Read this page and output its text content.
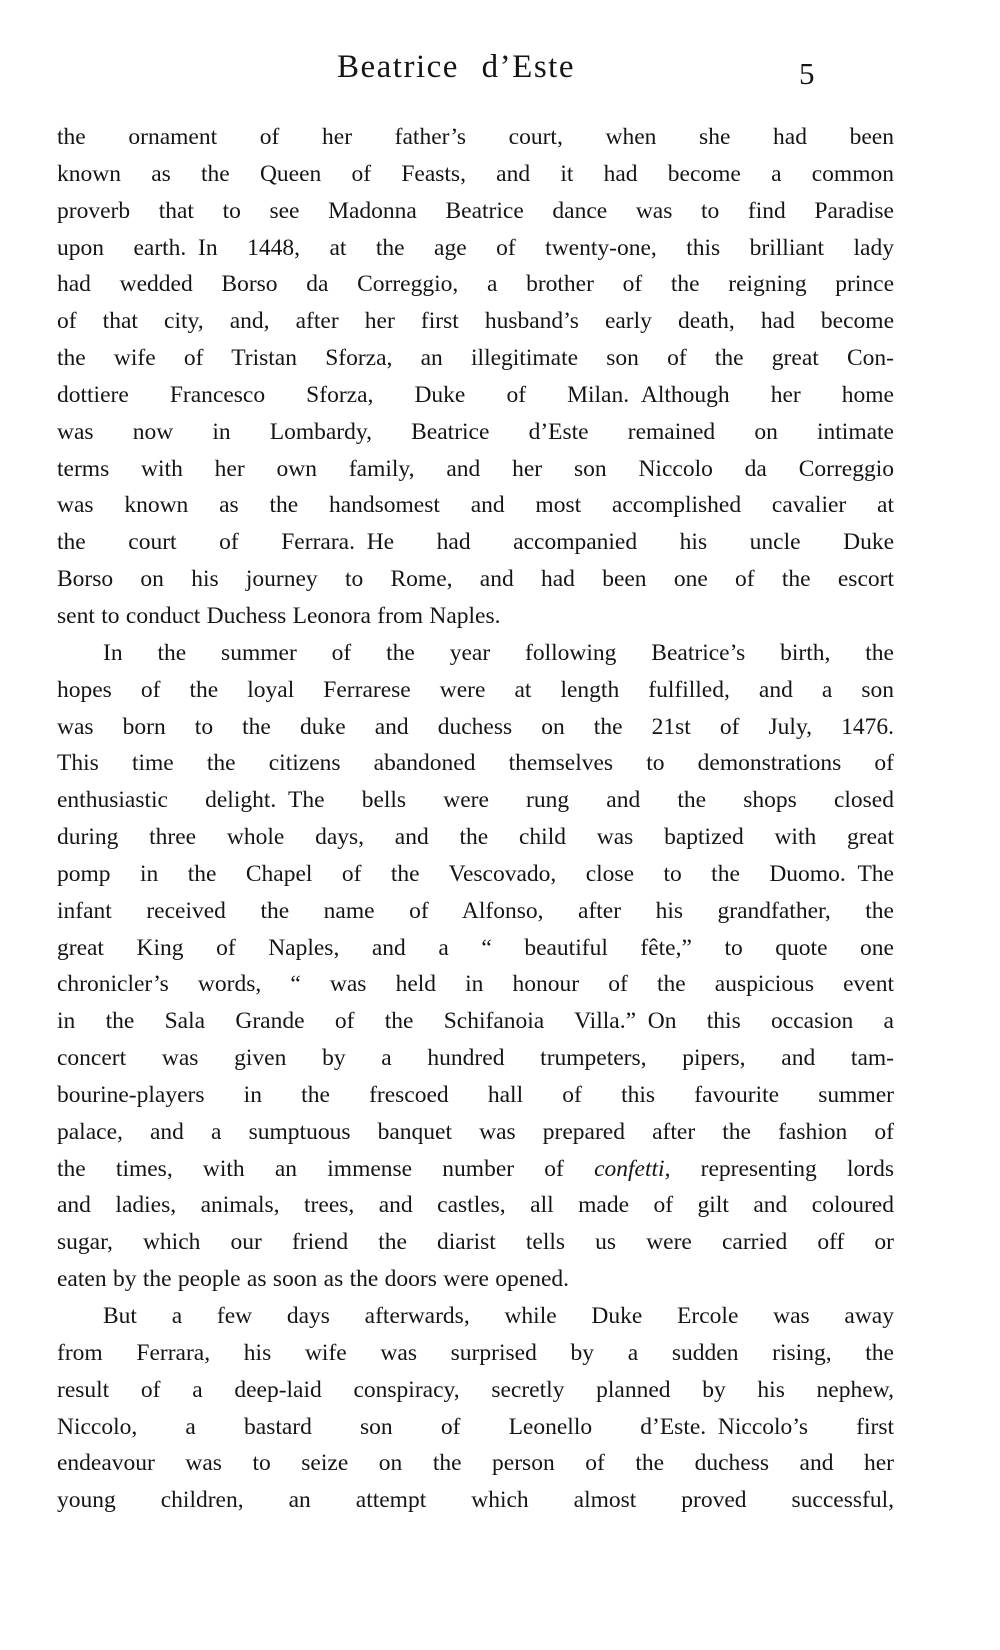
Beatrice d’Este	5
the ornament of her father’s court, when she had been
known as the Queen of Feasts, and it had become a common
proverb that to see Madonna Beatrice dance was to find Paradise
upon earth. In 1448, at the age of twenty-one, this brilliant lady
had wedded Borso da Correggio, a brother of the reigning prince
of that city, and, after her first husband’s early death, had become
the wife of Tristan Sforza, an illegitimate son of the great Con-
dottiere Francesco Sforza, Duke of Milan. Although her home
was now in Lombardy, Beatrice d’Este remained on intimate
terms with her own family, and her son Niccolo da Correggio
was known as the handsomest and most accomplished cavalier at
the court of Ferrara. He had accompanied his uncle Duke
Borso on his journey to Rome, and had been one of the escort
sent to conduct Duchess Leonora from Naples.
In the summer of the year following Beatrice’s birth, the
hopes of the loyal Ferrarese were at length fulfilled, and a son
was born to the duke and duchess on the 21st of July, 1476.
This time the citizens abandoned themselves to demonstrations of
enthusiastic delight. The bells were rung and the shops closed
during three whole days, and the child was baptized with great
pomp in the Chapel of the Vescovado, close to the Duomo. The
infant received the name of Alfonso, after his grandfather, the
great King of Naples, and a “ beautiful fête,” to quote one
chronicler’s words, “ was held in honour of the auspicious event
in the Sala Grande of the Schifanoia Villa.” On this occasion a
concert was given by a hundred trumpeters, pipers, and tam-
bourine-players in the frescoed hall of this favourite summer
palace, and a sumptuous banquet was prepared after the fashion of
the times, with an immense number of confetti, representing lords
and ladies, animals, trees, and castles, all made of gilt and coloured
sugar, which our friend the diarist tells us were carried off or
eaten by the people as soon as the doors were opened.
But a few days afterwards, while Duke Ercole was away
from Ferrara, his wife was surprised by a sudden rising, the
result of a deep-laid conspiracy, secretly planned by his nephew,
Niccolo, a bastard son of Leonello d’Este. Niccolo’s first
endeavour was to seize on the person of the duchess and her
young children, an attempt which almost proved successful,
